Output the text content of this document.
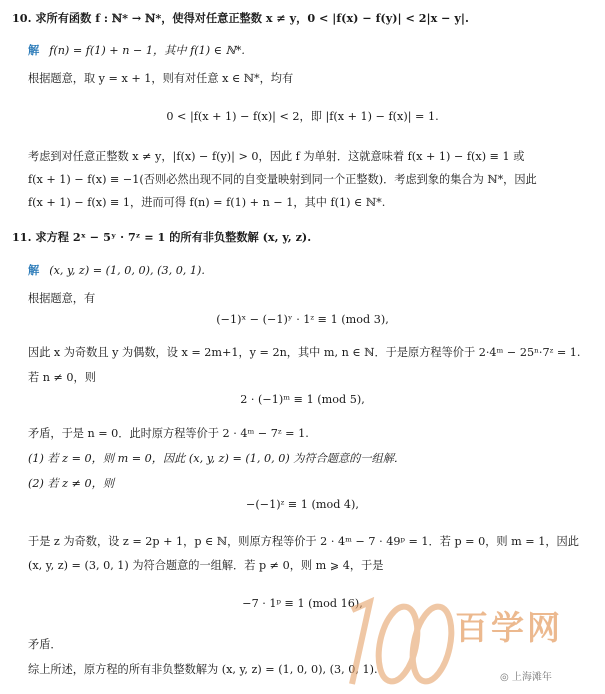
10. 求所有函数 f : ℕ* → ℕ*，使得对任意正整数 x ≠ y，0 < |f(x) − f(y)| < 2|x − y|.
解 f(n) = f(1) + n − 1，其中 f(1) ∈ ℕ*.
根据题意，取 y = x + 1，则有对任意 x ∈ ℕ*，均有
0 < |f(x + 1) − f(x)| < 2，即 |f(x + 1) − f(x)| = 1.
考虑到对任意正整数 x ≠ y，|f(x) − f(y)| > 0，因此 f 为单射．这就意味着 f(x + 1) − f(x) ≡ 1 或
f(x + 1) − f(x) ≡ −1(否则必然出现不同的自变量映射到同一个正整数)．考虑到象的集合为 ℕ*，因此
f(x + 1) − f(x) ≡ 1，进而可得 f(n) = f(1) + n − 1，其中 f(1) ∈ ℕ*.
11. 求方程 2ˣ − 5ʸ · 7ᶻ = 1 的所有非负整数解 (x, y, z).
解 (x, y, z) = (1, 0, 0), (3, 0, 1).
根据题意，有
(−1)ˣ − (−1)ʸ · 1ᶻ ≡ 1 (mod 3),
因此 x 为奇数且 y 为偶数，设 x = 2m+1，y = 2n，其中 m, n ∈ ℕ．于是原方程等价于 2·4ᵐ − 25ⁿ·7ᶻ = 1.
若 n ≠ 0，则
2 · (−1)ᵐ ≡ 1 (mod 5),
矛盾，于是 n = 0．此时原方程等价于 2 · 4ᵐ − 7ᶻ = 1.
(1) 若 z = 0，则 m = 0，因此 (x, y, z) = (1, 0, 0) 为符合题意的一组解．
(2) 若 z ≠ 0，则
−(−1)ᶻ ≡ 1 (mod 4),
于是 z 为奇数，设 z = 2p + 1，p ∈ ℕ，则原方程等价于 2 · 4ᵐ − 7 · 49ᵖ = 1．若 p = 0，则 m = 1，因此
(x, y, z) = (3, 0, 1) 为符合题意的一组解．若 p ≠ 0，则 m ⩾ 4，于是
−7 · 1ᵖ ≡ 1 (mod 16),
矛盾．
综上所述，原方程的所有非负整数解为 (x, y, z) = (1, 0, 0), (3, 0, 1).
百学网
◎ 上海滩年
